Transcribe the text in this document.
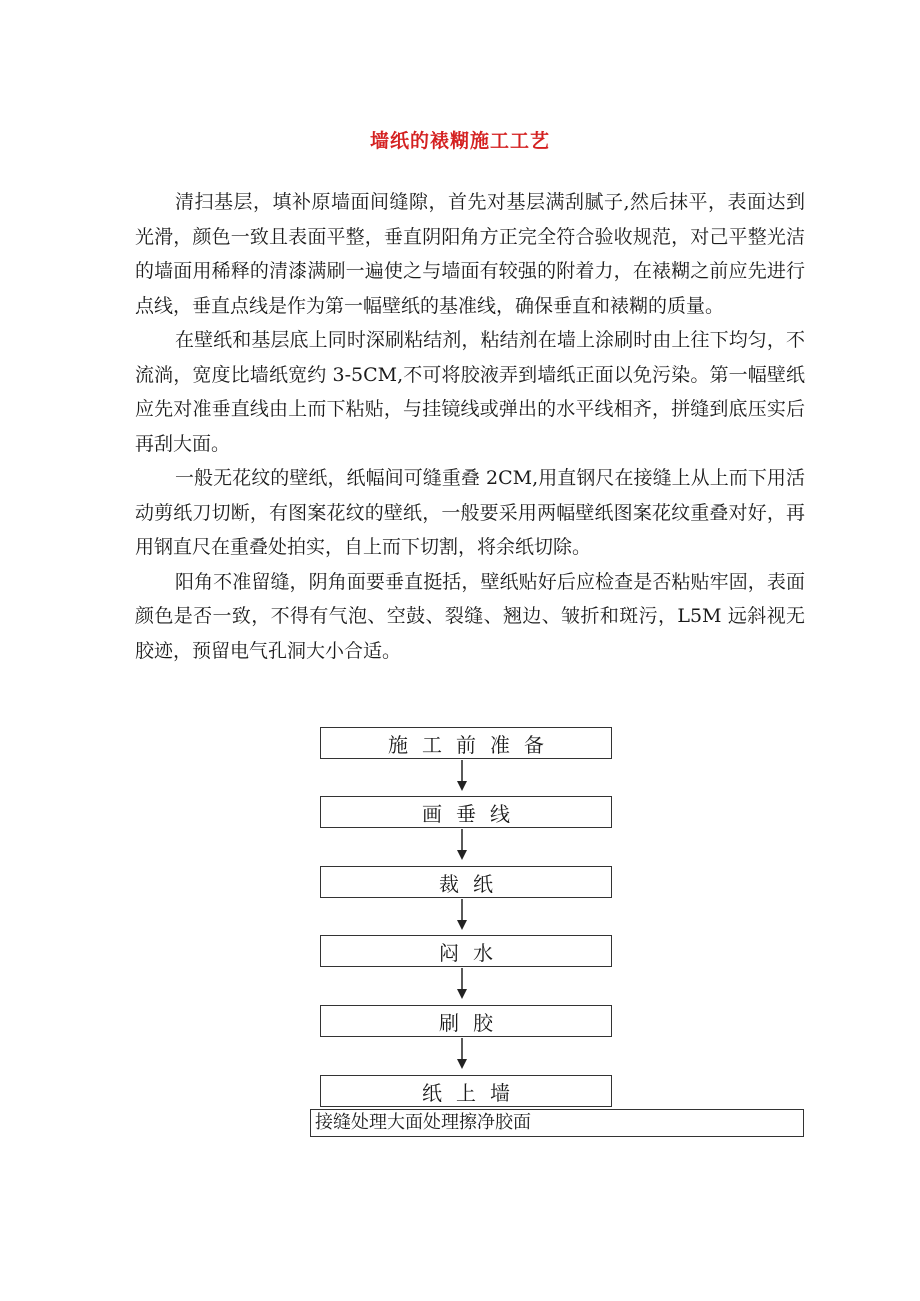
墙纸的裱糊施工工艺

清扫基层，填补原墙面间缝隙，首先对基层满刮腻子,然后抹平，表面达到光滑，颜色一致且表面平整，垂直阴阳角方正完全符合验收规范，对己平整光洁的墙面用稀释的清漆满刷一遍使之与墙面有较强的附着力，在裱糊之前应先进行点线，垂直点线是作为第一幅壁纸的基准线，确保垂直和裱糊的质量。

在壁纸和基层底上同时深刷粘结剂，粘结剂在墙上涂刷时由上往下均匀，不流淌，宽度比墙纸宽约 3-5CM,不可将胶液弄到墙纸正面以免污染。第一幅壁纸应先对准垂直线由上而下粘贴，与挂镜线或弹出的水平线相齐，拼缝到底压实后再刮大面。

一般无花纹的壁纸，纸幅间可缝重叠 2CM,用直钢尺在接缝上从上而下用活动剪纸刀切断，有图案花纹的壁纸，一般要采用两幅壁纸图案花纹重叠对好，再用钢直尺在重叠处拍实，自上而下切割，将余纸切除。

阳角不准留缝，阴角面要垂直挺括，壁纸贴好后应检查是否粘贴牢固，表面颜色是否一致，不得有气泡、空鼓、裂缝、翘边、皱折和斑污，L5M 远斜视无胶迹，预留电气孔洞大小合适。

施工前准备
画垂线
裁纸
闷水
刷胶
纸上墙
接缝处理大面处理擦净胶面
